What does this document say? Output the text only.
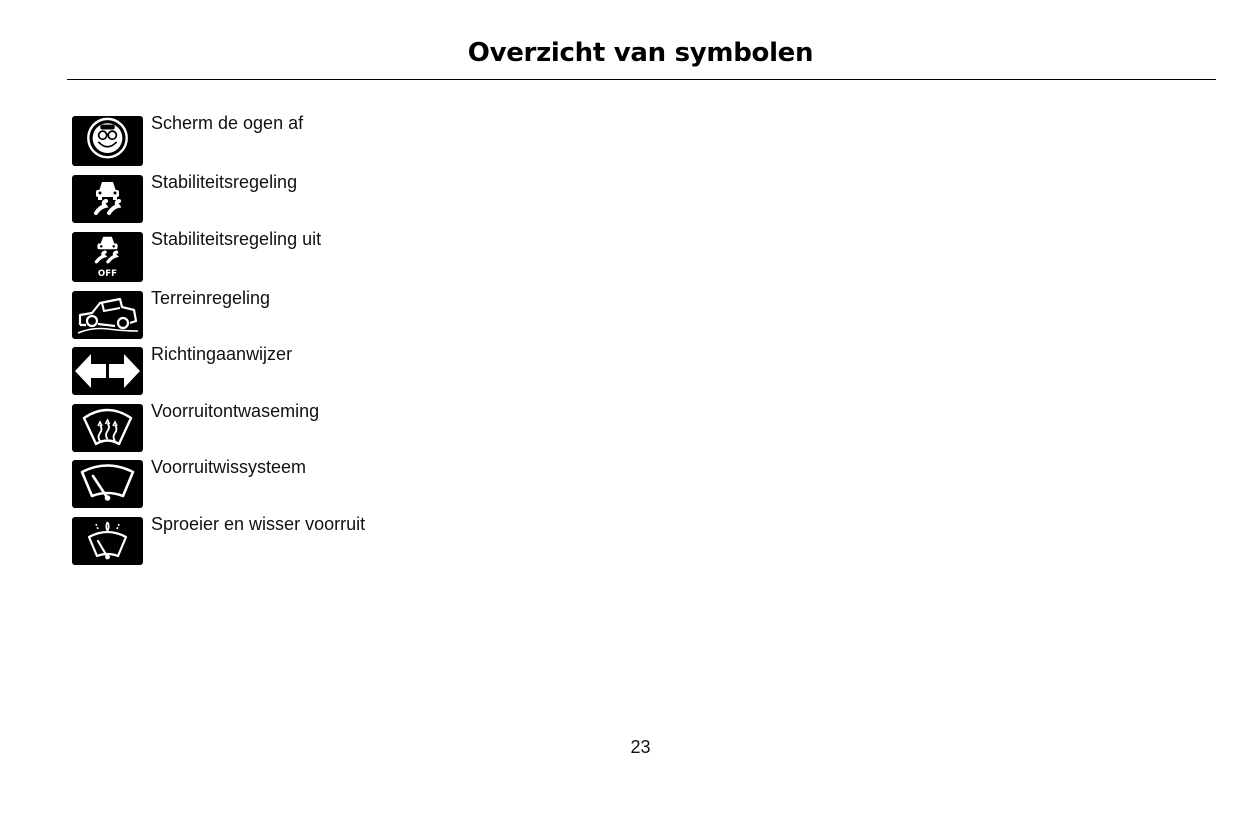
Overzicht van symbolen
Scherm de ogen af
Stabiliteitsregeling
OFF
Stabiliteitsregeling uit
Terreinregeling
Richtingaanwijzer
Voorruitontwaseming
Voorruitwissysteem
Sproeier en wisser voorruit
23
